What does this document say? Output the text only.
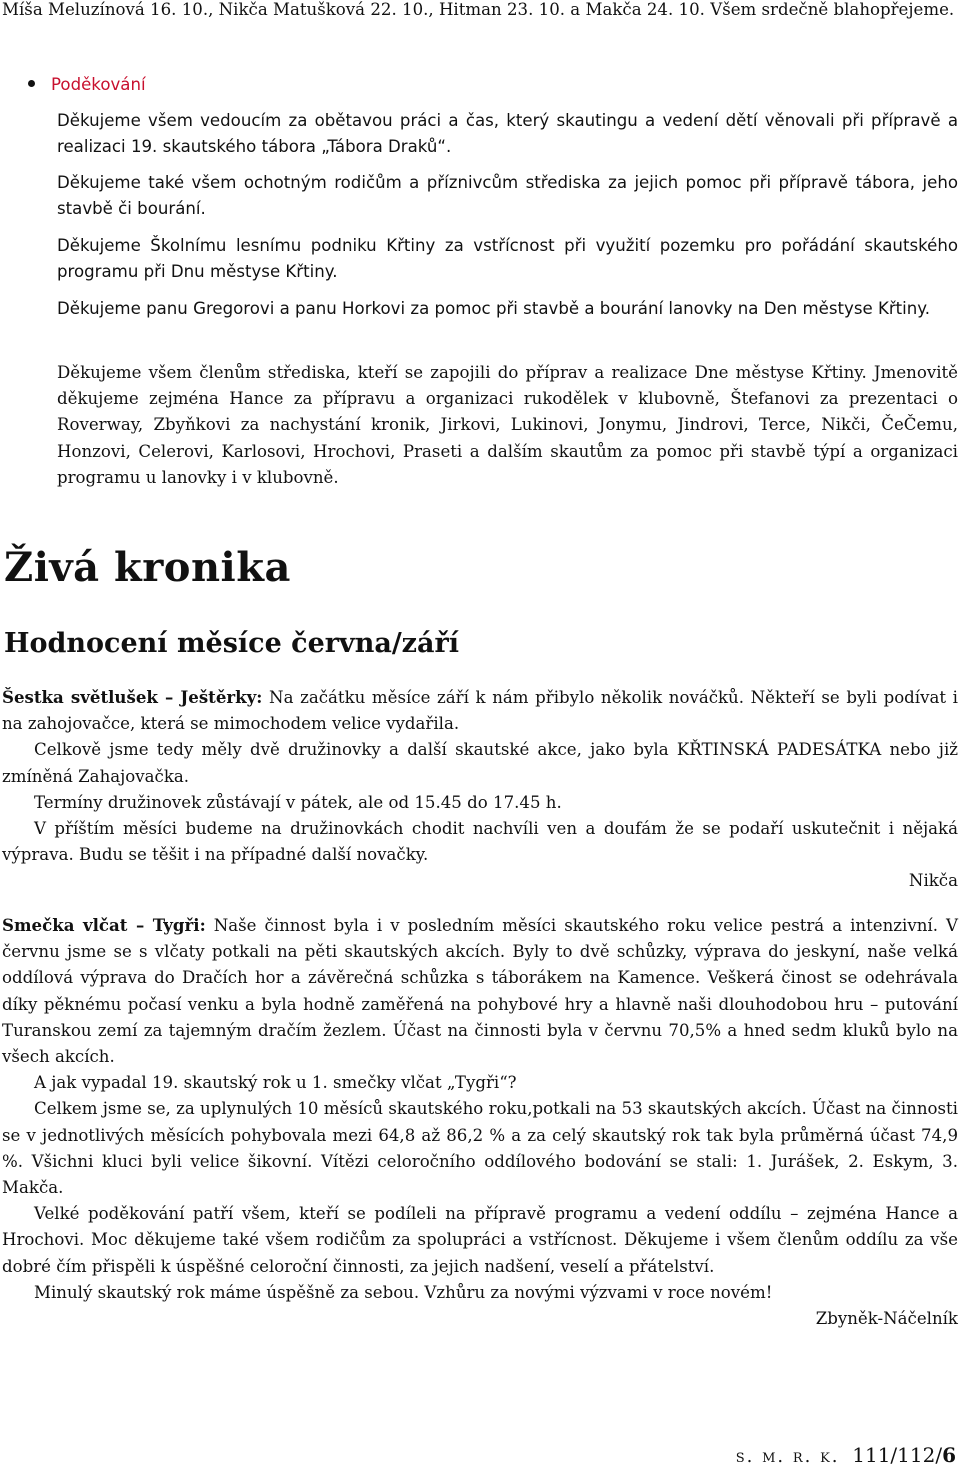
Míša Meluzínová 16. 10., Nikča Matušková 22. 10., Hitman 23. 10. a Makča 24. 10. Všem srdečně blahopřejeme.

Poděkování

Děkujeme všem vedoucím za obětavou práci a čas, který skautingu a vedení dětí věnovali při přípravě a realizaci 19. skautského tábora „Tábora Draků“.

Děkujeme také všem ochotným rodičům a příznivcům střediska za jejich pomoc při přípravě tábora, jeho stavbě či bourání.

Děkujeme Školnímu lesnímu podniku Křtiny za vstřícnost při využití pozemku pro pořádání skautského programu při Dnu městyse Křtiny.

Děkujeme panu Gregorovi a panu Horkovi za pomoc při stavbě a bourání lanovky na Den městyse Křtiny.

Děkujeme všem členům střediska, kteří se zapojili do příprav a realizace Dne městyse Křtiny. Jmenovitě děkujeme zejména Hance za přípravu a organizaci rukodělek v klubovně, Štefanovi za prezentaci o Roverway, Zbyňkovi za nachystání kronik, Jirkovi, Lukinovi, Jonymu, Jindrovi, Terce, Nikči, ČeČemu, Honzovi, Celerovi, Karlosovi, Hrochovi, Praseti a dalším skautům za pomoc při stavbě týpí a organizaci programu u lanovky i v klubovně.

Živá kronika
Hodnocení měsíce června/září

Šestka světlušek – Ještěrky: Na začátku měsíce září k nám přibylo několik nováčků. Někteří se byli podívat i na zahojovačce, která se mimochodem velice vydařila.

Celkově jsme tedy měly dvě družinovky a další skautské akce, jako byla KŘTINSKÁ PADESÁTKA nebo již zmíněná Zahajovačka.

Termíny družinovek zůstávají v pátek, ale od 15.45 do 17.45 h.

V příštím měsíci budeme na družinovkách chodit nachvíli ven a doufám že se podaří uskutečnit i nějaká výprava. Budu se těšit i na případné další novačky.

Nikča

Smečka vlčat – Tygři: Naše činnost byla i v posledním měsíci skautského roku velice pestrá a intenzivní. V červnu jsme se s vlčaty potkali na pěti skautských akcích. Byly to dvě schůzky, výprava do jeskyní, naše velká oddílová výprava do Dračích hor a závěrečná schůzka s táborákem na Kamence. Veškerá činost se odehrávala díky pěknému počasí venku a byla hodně zaměřená na pohybové hry a hlavně naši dlouhodobou hru – putování Turanskou zemí za tajemným dračím žezlem. Účast na činnosti byla v červnu 70,5% a hned sedm kluků bylo na všech akcích.

A jak vypadal 19. skautský rok u 1. smečky vlčat „Tygři“?

Celkem jsme se, za uplynulých 10 měsíců skautského roku,potkali na 53 skautských akcích. Účast na činnosti se v jednotlivých měsících pohybovala mezi 64,8 až 86,2 % a za celý skautský rok tak byla průměrná účast 74,9 %. Všichni kluci byli velice šikovní. Vítězi celoročního oddílového bodování se stali: 1. Jurášek, 2. Eskym, 3. Makča.

Velké poděkování patří všem, kteří se podíleli na přípravě programu a vedení oddílu – zejména Hance a Hrochovi. Moc děkujeme také všem rodičům za spolupráci a vstřícnost. Děkujeme i všem členům oddílu za vše dobré čím přispěli k úspěšné celoroční činnosti, za jejich nadšení, veselí a přátelství.

Minulý skautský rok máme úspěšně za sebou. Vzhůru za novými výzvami v roce novém!

Zbyněk-Náčelník

s. m. r. k. 111/112/6
